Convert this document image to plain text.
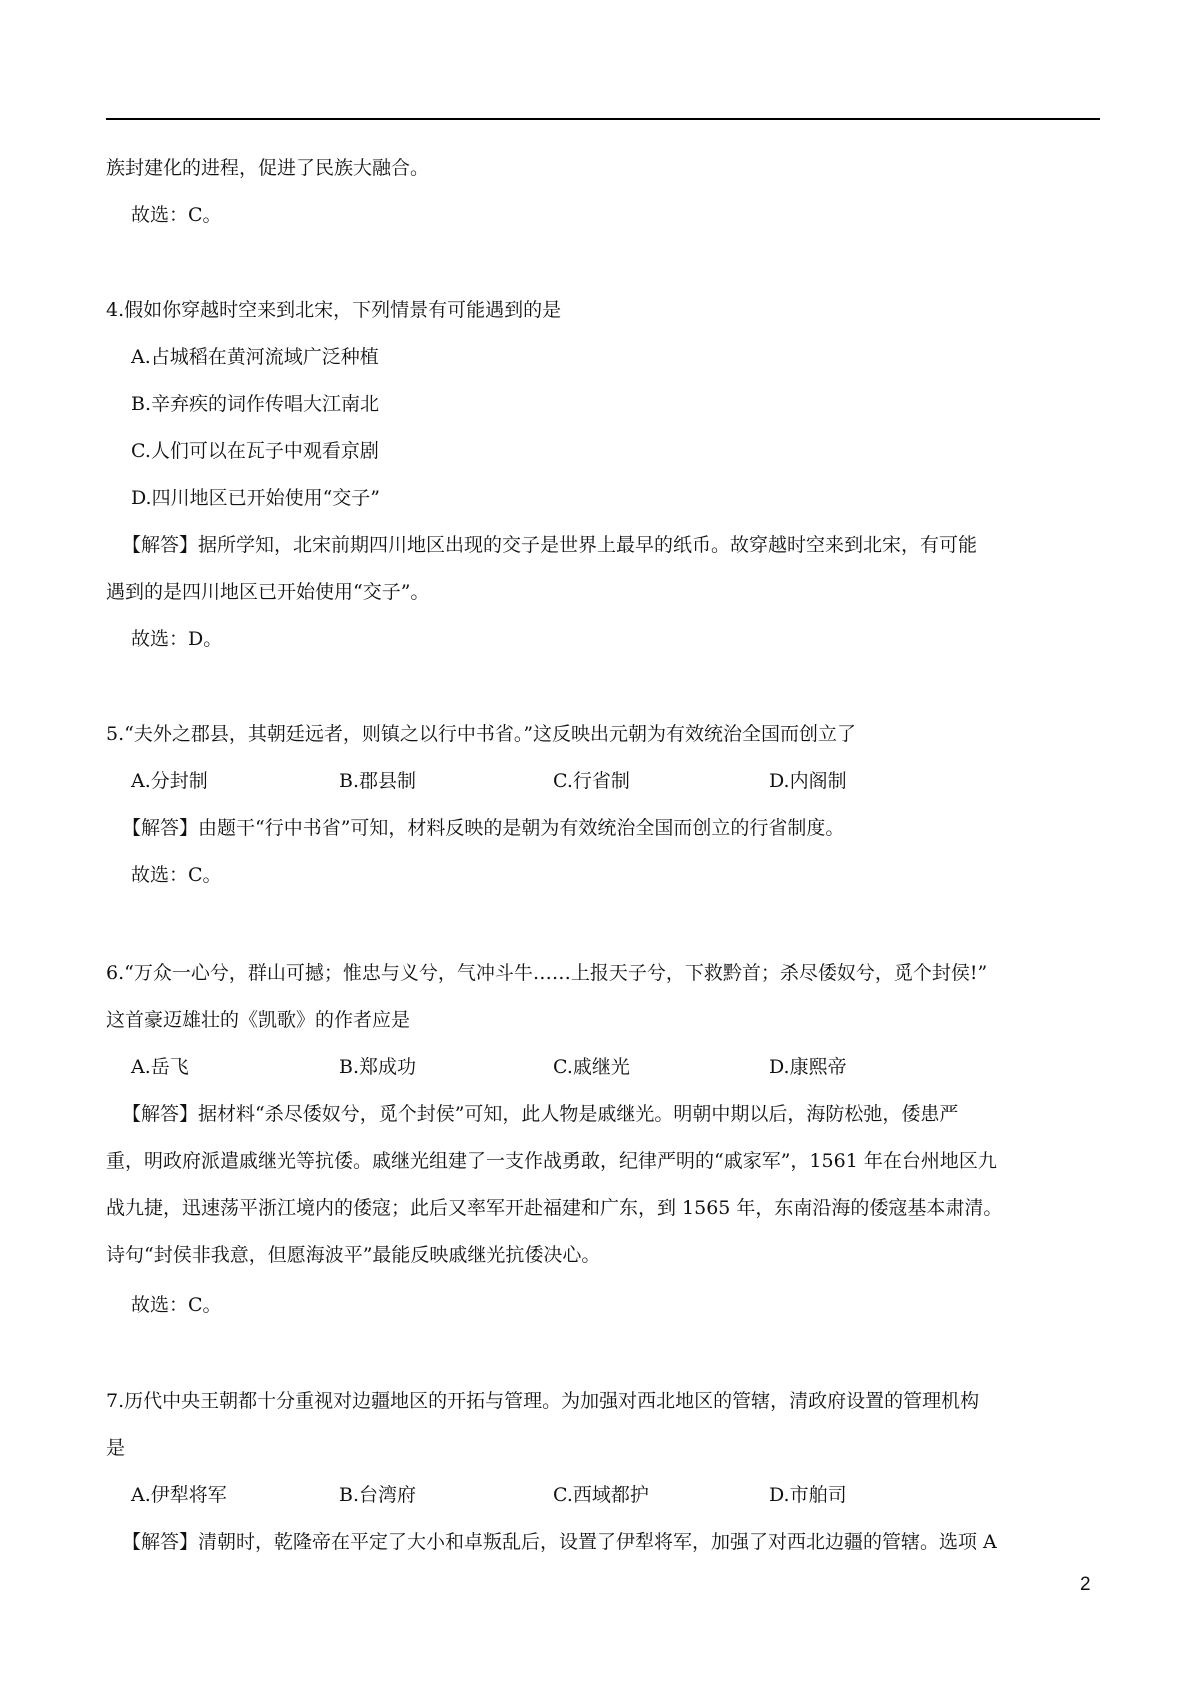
族封建化的进程，促进了民族大融合。
故选：C。
4.假如你穿越时空来到北宋，下列情景有可能遇到的是
A.占城稻在黄河流域广泛种植
B.辛弃疾的词作传唱大江南北
C.人们可以在瓦子中观看京剧
D.四川地区已开始使用“交子”
【解答】据所学知，北宋前期四川地区出现的交子是世界上最早的纸币。故穿越时空来到北宋，有可能
遇到的是四川地区已开始使用“交子”。
故选：D。
5.“夫外之郡县，其朝廷远者，则镇之以行中书省。”这反映出元朝为有效统治全国而创立了
A.分封制	B.郡县制	C.行省制	D.内阁制
【解答】由题干“行中书省”可知，材料反映的是朝为有效统治全国而创立的行省制度。
故选：C。
6.“万众一心兮，群山可撼；惟忠与义兮，气冲斗牛……上报天子兮，下救黔首；杀尽倭奴兮，觅个封侯!”
这首豪迈雄壮的《凯歌》的作者应是
A.岳飞	B.郑成功	C.戚继光	D.康熙帝
【解答】据材料“杀尽倭奴兮，觅个封侯”可知，此人物是戚继光。明朝中期以后，海防松弛，倭患严
重，明政府派遣戚继光等抗倭。戚继光组建了一支作战勇敢，纪律严明的“戚家军”，1561 年在台州地区九
战九捷，迅速荡平浙江境内的倭寇；此后又率军开赴福建和广东，到 1565 年，东南沿海的倭寇基本肃清。
诗句“封侯非我意，但愿海波平”最能反映戚继光抗倭决心。
故选：C。
7.历代中央王朝都十分重视对边疆地区的开拓与管理。为加强对西北地区的管辖，清政府设置的管理机构
是
A.伊犁将军	B.台湾府	C.西域都护	D.市舶司
【解答】清朝时，乾隆帝在平定了大小和卓叛乱后，设置了伊犁将军，加强了对西北边疆的管辖。选项 A
2
